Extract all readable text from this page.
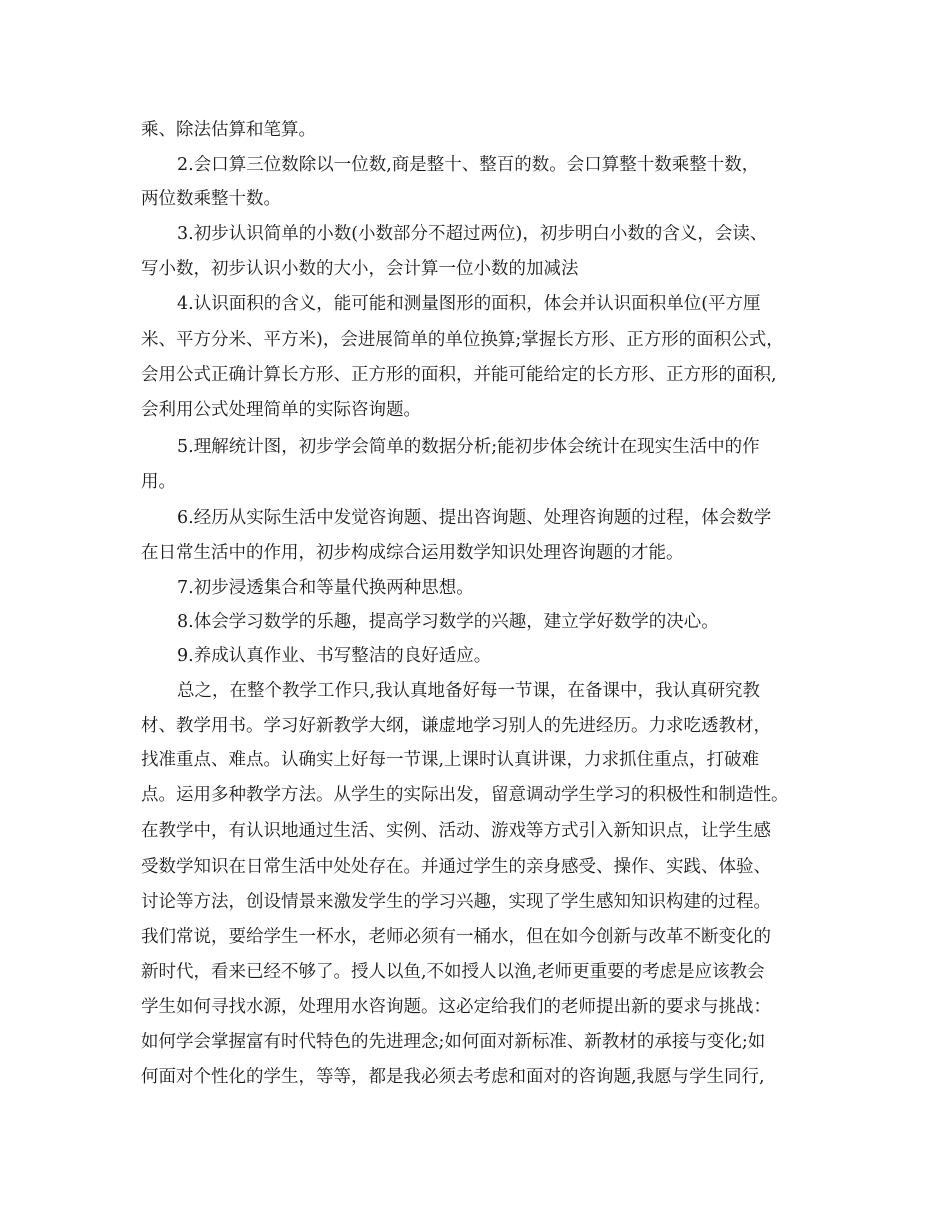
乘、除法估算和笔算。
2.会口算三位数除以一位数,商是整十、整百的数。会口算整十数乘整十数，
两位数乘整十数。
3.初步认识简单的小数(小数部分不超过两位)，初步明白小数的含义，会读、
写小数，初步认识小数的大小，会计算一位小数的加减法
4.认识面积的含义，能可能和测量图形的面积，体会并认识面积单位(平方厘
米、平方分米、平方米)，会进展简单的单位换算;掌握长方形、正方形的面积公式，
会用公式正确计算长方形、正方形的面积，并能可能给定的长方形、正方形的面积,
会利用公式处理简单的实际咨询题。
5.理解统计图，初步学会简单的数据分析;能初步体会统计在现实生活中的作
用。
6.经历从实际生活中发觉咨询题、提出咨询题、处理咨询题的过程，体会数学
在日常生活中的作用，初步构成综合运用数学知识处理咨询题的才能。
7.初步浸透集合和等量代换两种思想。
8.体会学习数学的乐趣，提高学习数学的兴趣，建立学好数学的决心。
9.养成认真作业、书写整洁的良好适应。
总之，在整个教学工作只,我认真地备好每一节课，在备课中，我认真研究教
材、教学用书。学习好新教学大纲，谦虚地学习别人的先进经历。力求吃透教材，
找准重点、难点。认确实上好每一节课,上课时认真讲课，力求抓住重点，打破难
点。运用多种教学方法。从学生的实际出发，留意调动学生学习的积极性和制造性。
在教学中，有认识地通过生活、实例、活动、游戏等方式引入新知识点，让学生感
受数学知识在日常生活中处处存在。并通过学生的亲身感受、操作、实践、体验、
讨论等方法，创设情景来激发学生的学习兴趣，实现了学生感知知识构建的过程。
我们常说，要给学生一杯水，老师必须有一桶水，但在如今创新与改革不断变化的
新时代，看来已经不够了。授人以鱼,不如授人以渔,老师更重要的考虑是应该教会
学生如何寻找水源，处理用水咨询题。这必定给我们的老师提出新的要求与挑战：
如何学会掌握富有时代特色的先进理念;如何面对新标准、新教材的承接与变化;如
何面对个性化的学生，等等，都是我必须去考虑和面对的咨询题,我愿与学生同行,
